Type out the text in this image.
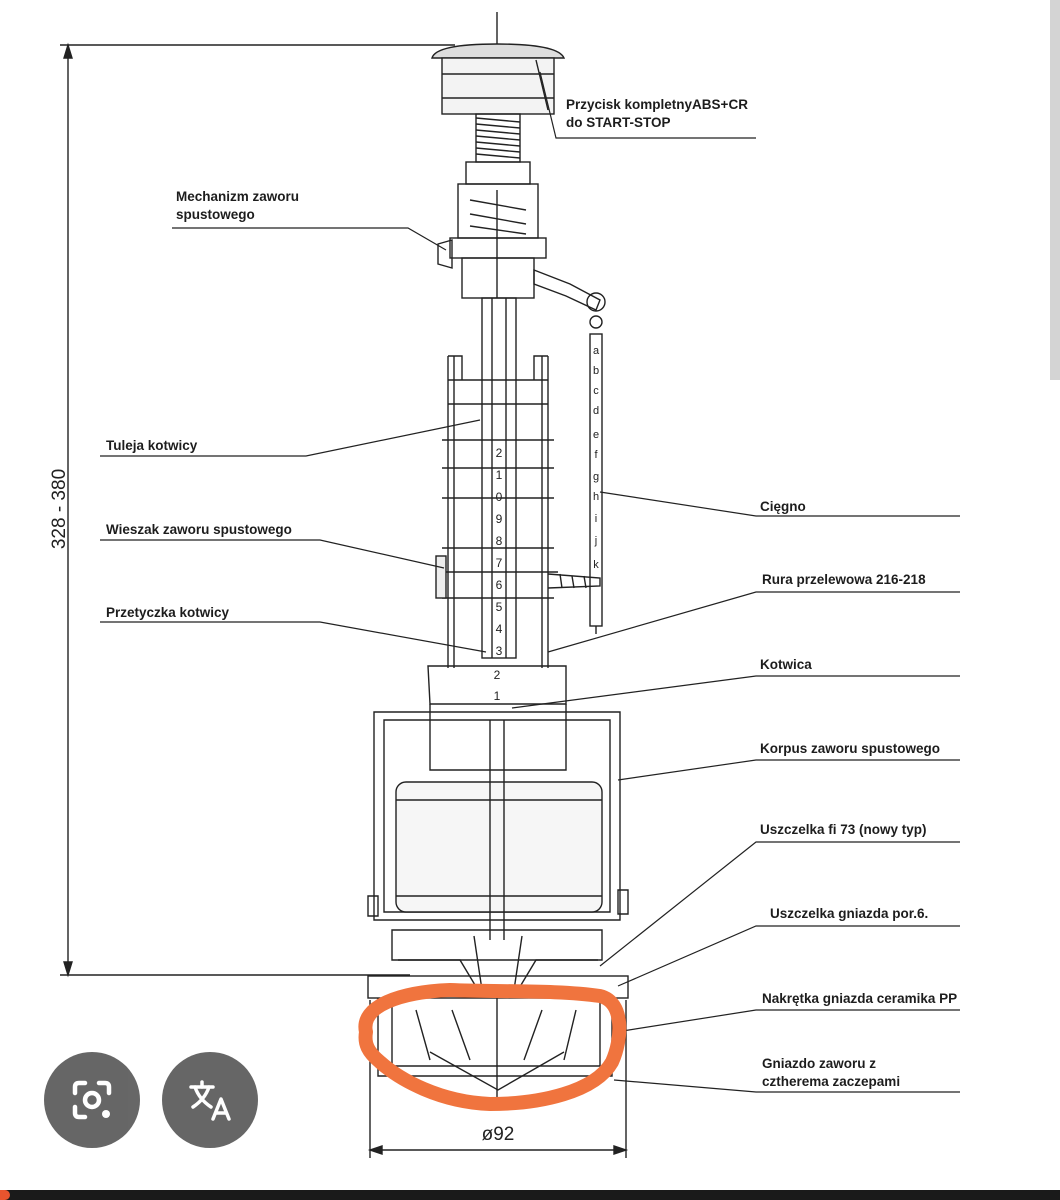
2
1
0
9
8
7
6
5
4
3
2
1
a
b
c
d
e
f
g
h
i
j
k
Przycisk kompletnyABS+CR
do START-STOP
Mechanizm zaworu
spustowego
Tuleja kotwicy
Wieszak zaworu spustowego
Przetyczka kotwicy
Cięgno
Rura przelewowa 216-218
Kotwica
Korpus zaworu spustowego
Uszczelka fi 73 (nowy typ)
Uszczelka gniazda por.6.
Nakrętka gniazda ceramika PP
Gniazdo zaworu z
cztherema zaczepami
328 - 380
ø92
